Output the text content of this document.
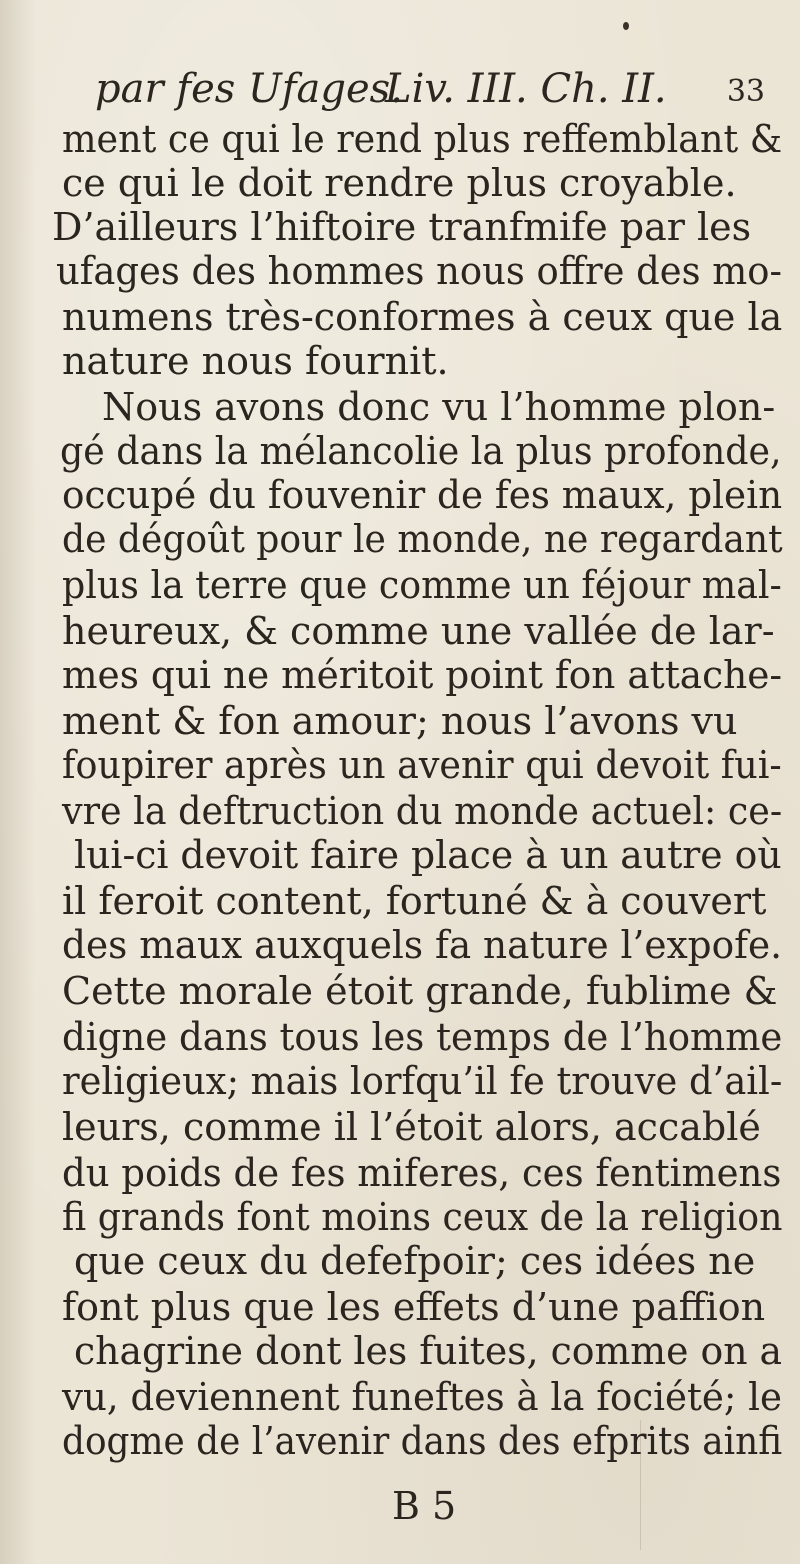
par fes Ufages.
Liv. III. Ch. II. 33
ment ce qui le rend plus reffemblant &
ce qui le doit rendre plus croyable.
D’ailleurs l’hiftoire tranfmife par les
ufages des hommes nous offre des mo-
numens très-conformes à ceux que la
nature nous fournit.
Nous avons donc vu l’homme plon-
gé dans la mélancolie la plus profonde,
occupé du fouvenir de fes maux, plein
de dégoût pour le monde, ne regardant
plus la terre que comme un féjour mal-
heureux, & comme une vallée de lar-
mes qui ne méritoit point fon attache-
ment & fon amour; nous l’avons vu
foupirer après un avenir qui devoit fui-
vre la deftruction du monde actuel: ce-
lui-ci devoit faire place à un autre où
il feroit content, fortuné & à couvert
des maux auxquels fa nature l’expofe.
Cette morale étoit grande, fublime &
digne dans tous les temps de l’homme
religieux; mais lorfqu’il fe trouve d’ail-
leurs, comme il l’étoit alors, accablé
du poids de fes miferes, ces fentimens
fi grands font moins ceux de la religion
que ceux du defefpoir; ces idées ne
font plus que les effets d’une paffion
chagrine dont les fuites, comme on a
vu, deviennent funeftes à la fociété; le
dogme de l’avenir dans des efprits ainfi
B 5
